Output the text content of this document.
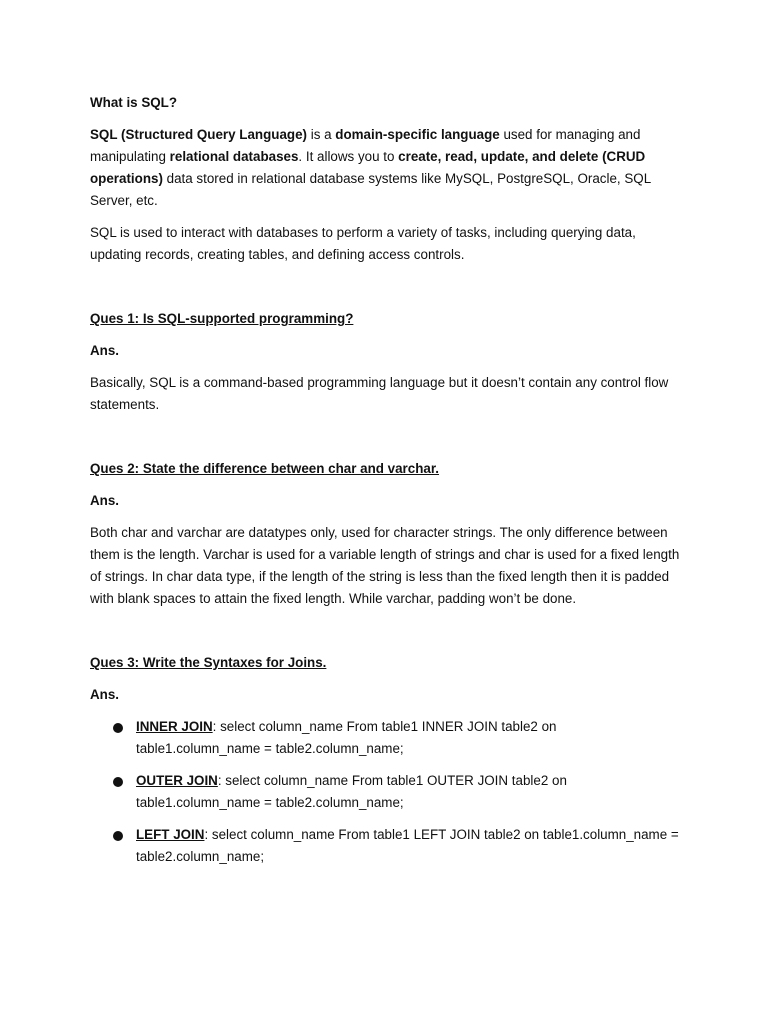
What is SQL?

SQL (Structured Query Language) is a domain-specific language used for managing and manipulating relational databases. It allows you to create, read, update, and delete (CRUD operations) data stored in relational database systems like MySQL, PostgreSQL, Oracle, SQL Server, etc.

SQL is used to interact with databases to perform a variety of tasks, including querying data, updating records, creating tables, and defining access controls.

Ques 1: Is SQL-supported programming?

Ans.

Basically, SQL is a command-based programming language but it doesn’t contain any control flow statements.

Ques 2: State the difference between char and varchar.

Ans.

Both char and varchar are datatypes only, used for character strings. The only difference between them is the length. Varchar is used for a variable length of strings and char is used for a fixed length of strings. In char data type, if the length of the string is less than the fixed length then it is padded with blank spaces to attain the fixed length. While varchar, padding won’t be done.

Ques 3: Write the Syntaxes for Joins.

Ans.

INNER JOIN: select column_name From table1 INNER JOIN table2 on table1.column_name = table2.column_name;
OUTER JOIN: select column_name From table1 OUTER JOIN table2 on table1.column_name = table2.column_name;
LEFT JOIN: select column_name From table1 LEFT JOIN table2 on table1.column_name = table2.column_name;
